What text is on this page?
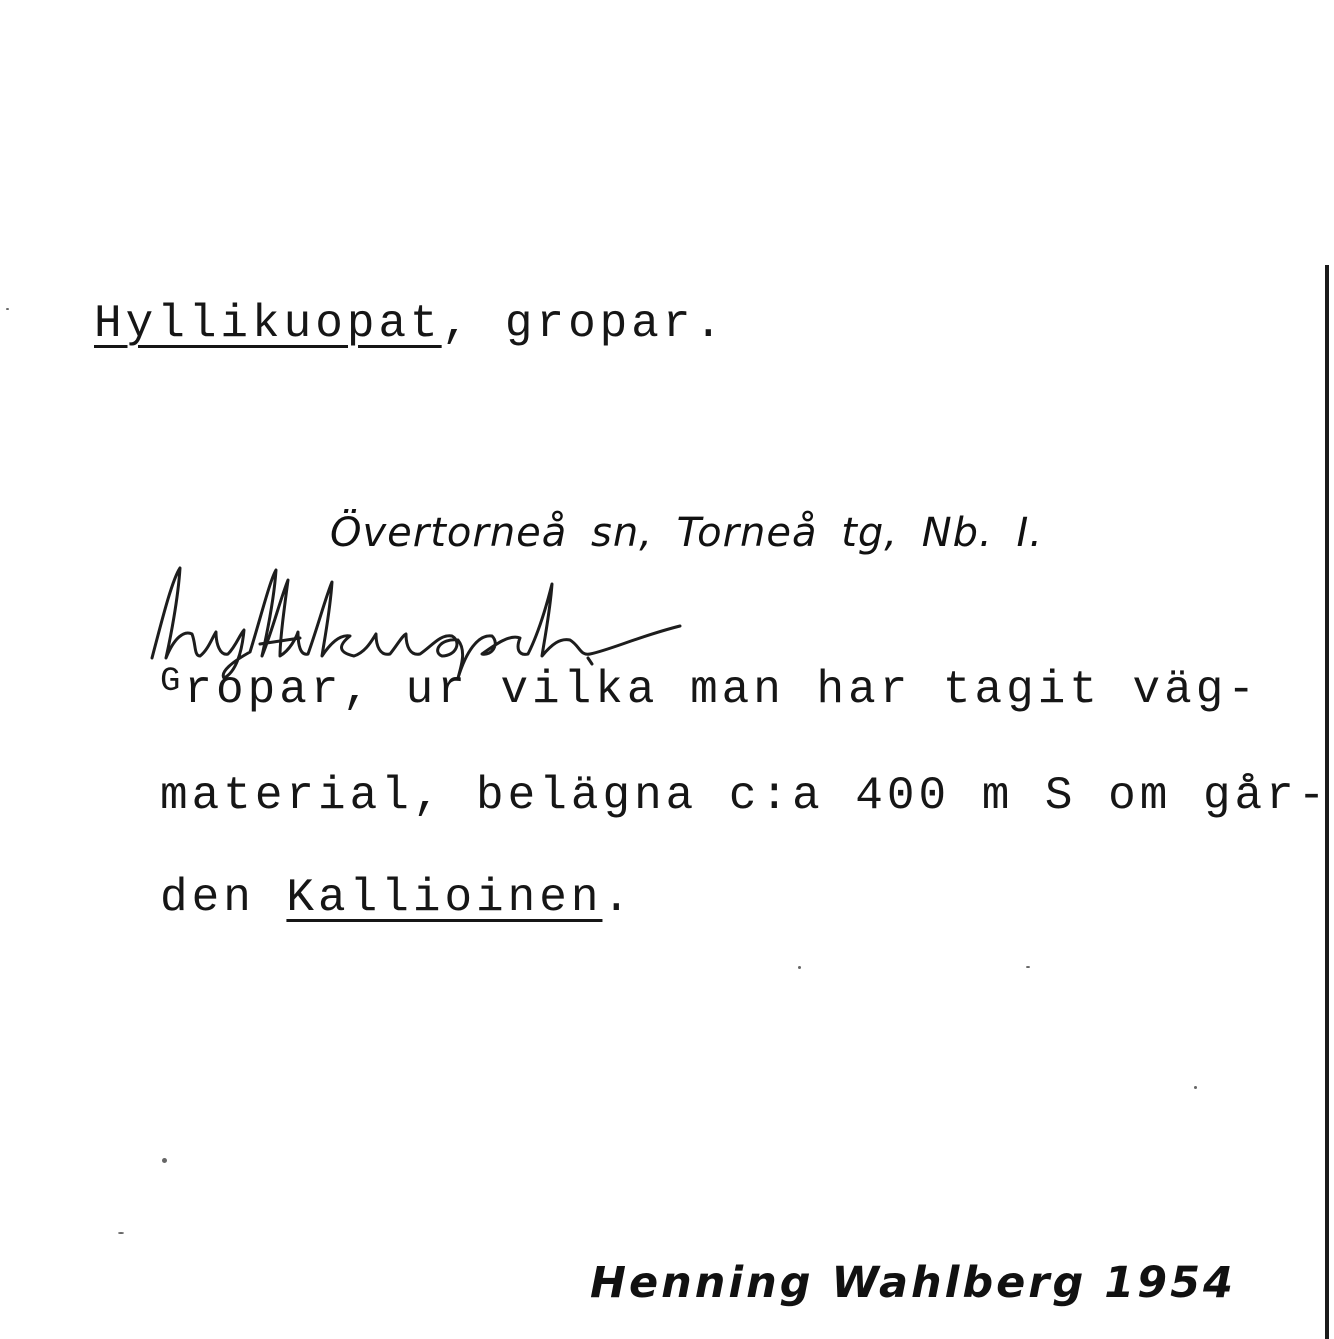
Hyllikuopat, gropar.
Övertorneå sn, Torneå tg, Nb. I.
$^G$ropar, ur vilka man har tagit väg-
material, belägna c:a 400 m S om går-
den Kallioinen.
Henning Wahlberg 1954
